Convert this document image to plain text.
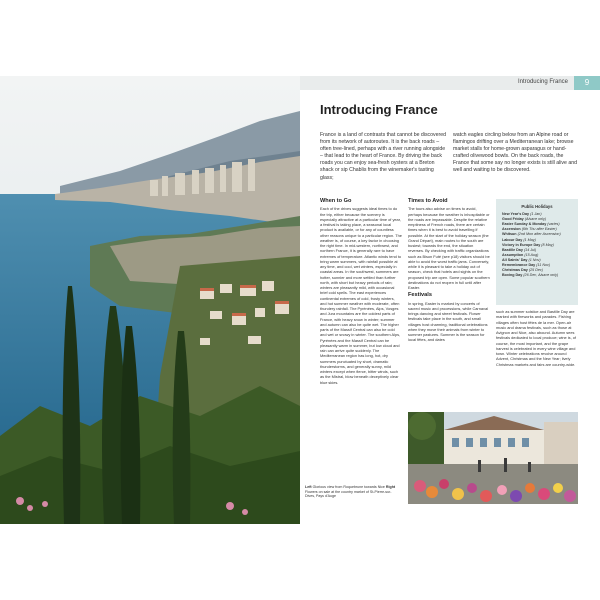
Introducing France	9
Introducing France
France is a land of contrasts that cannot be discovered from its network of autoroutes. It is the back roads – often tree-lined, perhaps with a river running alongside – that lead to the heart of France. By driving the back roads you can enjoy sea-fresh oysters at a Breton shack or sip Chablis from the winemaker's tasting glass;
watch eagles circling below from an Alpine road or flamingos drifting over a Mediterranean lake; browse market stalls for home-grown asparagus or hand-crafted olivewood bowls. On the back roads, the France that some say no longer exists is still alive and well and waiting to be discovered.
When to Go

Each of the drives suggests ideal times to do the trip, either because the scenery is especially attractive at a particular time of year, a festival is taking place, a seasonal local product is available, or for any of countless other reasons unique to a particular region. The weather is, of course, a key factor in choosing the right time. In mid-western, northwest, and northern France, it is generally rare to have extremes of temperature. Atlantic winds tend to bring warm summers, with rainfall possible at any time, and cool, wet winters, especially in coastal areas. In the southwest, summers are hotter, sunnier and more settled than further north, with short but heavy periods of rain; winters are pleasantly mild, with occasional brief cold spells. The east experiences continental extremes of cold, frosty winters, and hot summer weather with moderate, often thundery rainfall. The Pyrénées, Alps, Vosges and Jura mountains are the coldest parts of France, with heavy snow in winter; summer and autumn can also be quite wet. The higher parts of the Massif Central can also be cold and wet or snowy in winter. The southern Alps, Pyrénées and the Massif Central can be pleasantly warm in summer, but low cloud and rain can arrive quite suddenly. The Mediterranean region has long, hot, dry summers punctuated by short, dramatic thunderstorms, and generally sunny, mild winters except when fierce, bitter winds, such as the Mistral, blow beneath deceptively clear blue skies.

Times to Avoid

The tours also advise on times to avoid, perhaps because the weather is inhospitable or the roads are impassable. Despite the relative emptiness of French roads, there are certain times when it is best to avoid travelling if possible. At the start of the holiday season (the Grand Départ), main routes to the south are busiest; towards the end, the situation reverses. By checking with traffic organizations such as Bison Futé (see p18) visitors should be able to avoid the worst traffic jams. Conversely, while it is pleasant to take a holiday out of season, check that hotels and sights on the proposed trip are open. Some popular southern destinations do not reopen in full until after Easter.

Festivals

In spring, Easter is marked by concerts of sacred music and processions, while Carnaval brings dancing and street festivals. Flower festivals take place in the south, and small villages host charming, traditional celebrations when they move their animals from winter to summer pastures. Summer is the season for local fêtes, and dates

Public Holidays
New Year's Day (1 Jan)
Good Friday (Alsace only)
Easter Sunday & Monday (varies)
Ascension (6th Thu after Easter)
Whitsun (2nd Mon after Ascension)
Labour Day (1 May)
Victory in Europe Day (8 May)
Bastille Day (14 Jul)
Assumption (15 Aug)
All Saints' Day (1 Nov)
Remembrance Day (11 Nov)
Christmas Day (25 Dec)
Boxing Day (26 Dec, Alsace only)
such as summer solstice and Bastille Day are marked with fireworks and parades. Fishing villages often host fêtes de la mer. Open-air music and drama festivals, such as those at Avignon and Nice, also abound. Autumn sees festivals dedicated to local produce; wine is, of course, the most important, and the grape harvest is celebrated in every wine village and town. Winter celebrations revolve around Advent, Christmas and the New Year; lively Christmas markets and fairs are country-wide.
Left Glorious view from Roquebrune towards Nice Right Flowers on sale at the country market of St-Pierre-sur-Dives, Pays d'Auge
